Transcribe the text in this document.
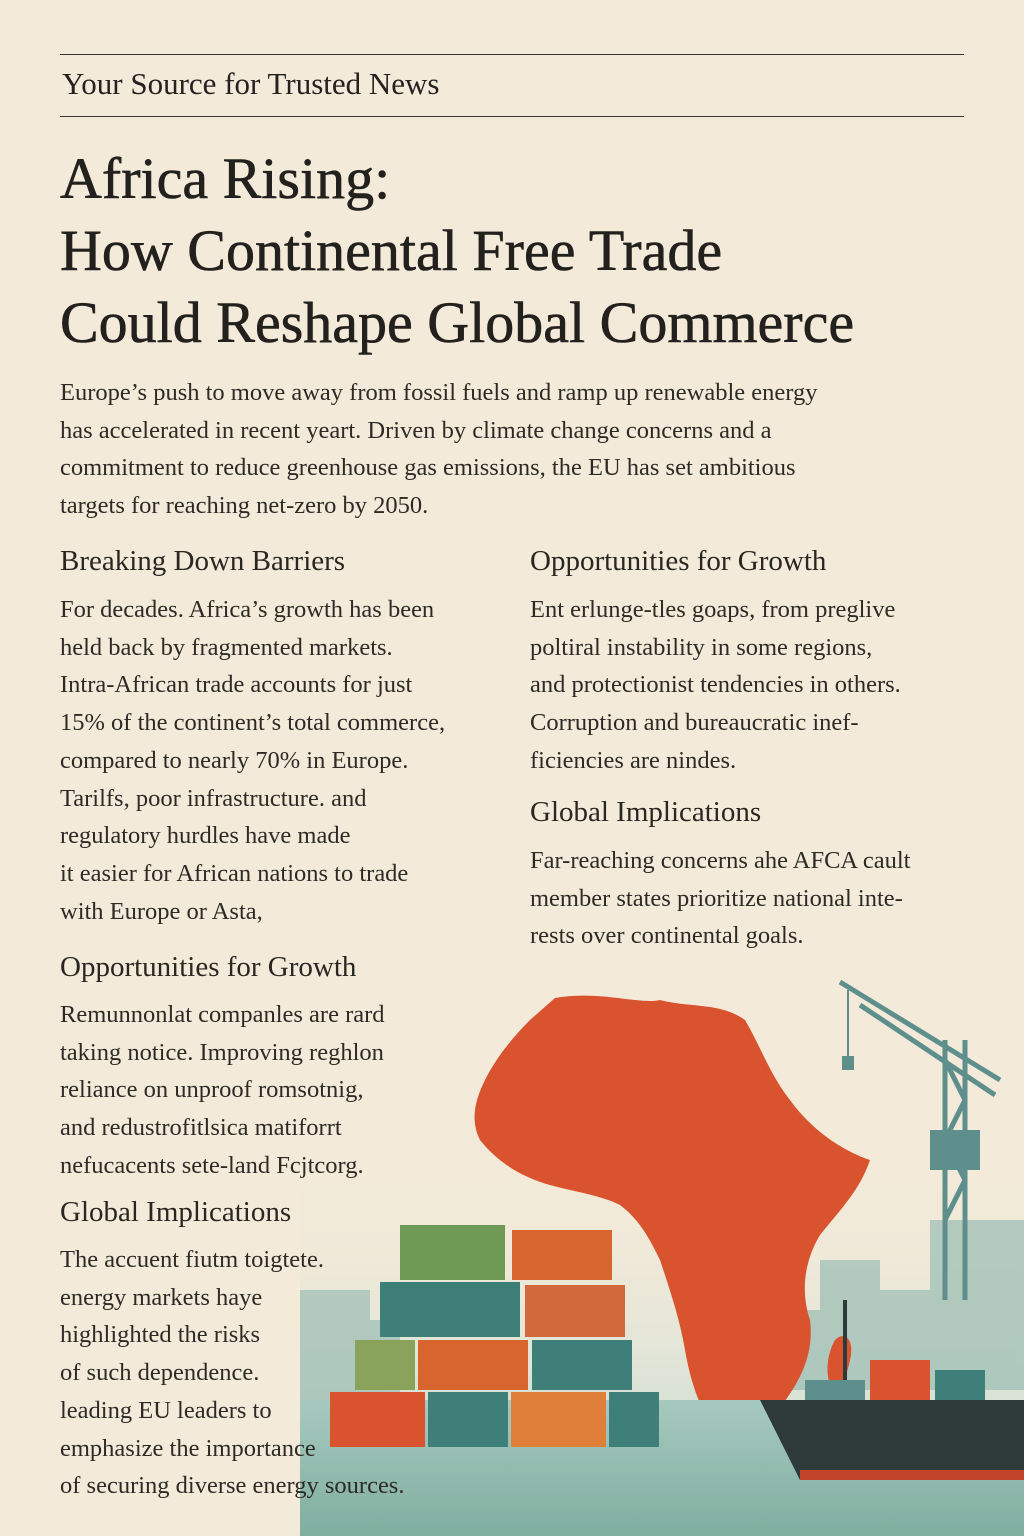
Your Source for Trusted News

Africa Rising:
How Continental Free Trade
Could Reshape Global Commerce

Europe’s push to move away from fossil fuels and ramp up renewable energy
has accelerated in recent yeart. Driven by climate change concerns and a
commitment to reduce greenhouse gas emissions, the EU has set ambitious
targets for reaching net-zero by 2050.

Breaking Down Barriers

For decades. Africa’s growth has been
held back by fragmented markets.
Intra-African trade accounts for just
15% of the continent’s total commerce,
compared to nearly 70% in Europe.
Tarilfs, poor infrastructure. and
regulatory hurdles have made
it easier for African nations to trade
with Europe or Asta,

Opportunities for Growth

Remunnonlat companles are rard
taking notice. Improving reghlon
reliance on unproof romsotnig,
and redustrofitlsica matiforrt
nefucacents sete-land Fcjtcorg.

Global Implications

The accuent fiutm toigtete.
energy markets haye
highlighted the risks
of such dependence.
leading EU leaders to
emphasize the importance
of securing diverse energy sources.

Opportunities for Growth

Ent erlunge-tles goaps, from preglive
poltiral instability in some regions,
and protectionist tendencies in others.
Corruption and bureaucratic inef-
ficiencies are nindes.

Global Implications

Far-reaching concerns ahe AFCA cault
member states prioritize national inte-
rests over continental goals.
